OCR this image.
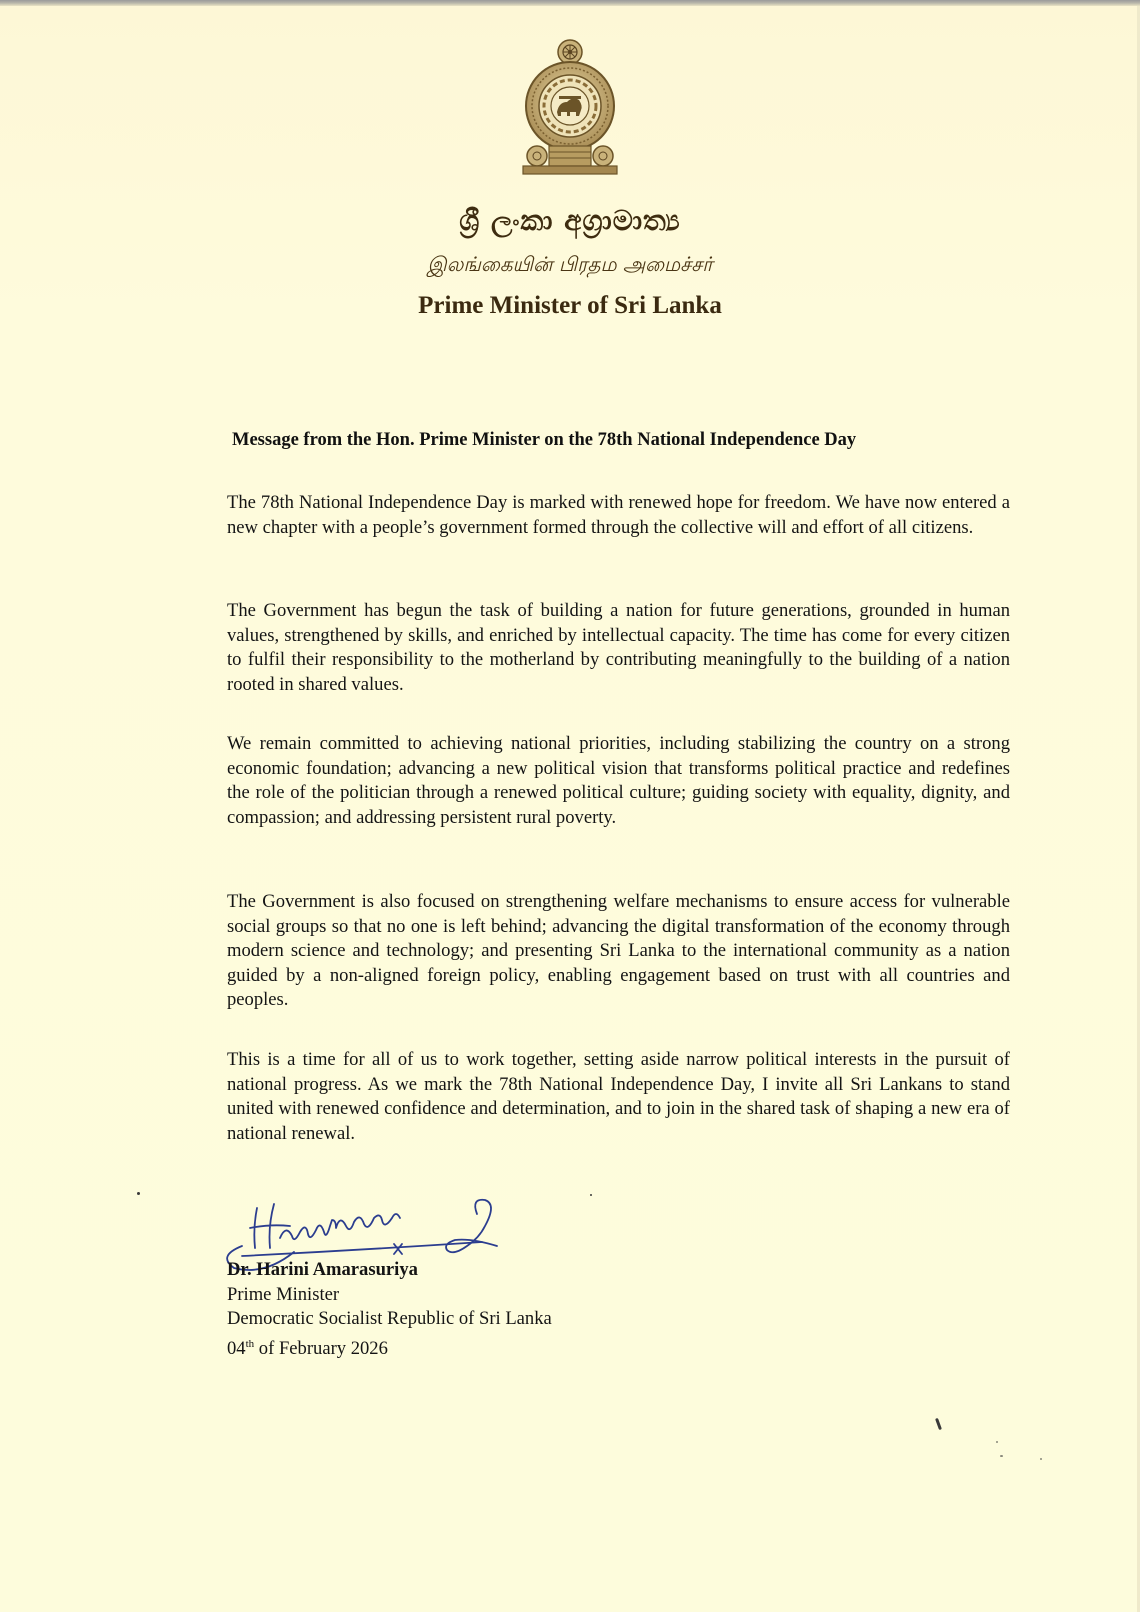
ශ්‍රී ලංකා අග්‍රාමාත්‍ය
இலங்கையின் பிரதம அமைச்சர்
Prime Minister of Sri Lanka
Message from the Hon. Prime Minister on the 78th National Independence Day

The 78th National Independence Day is marked with renewed hope for freedom. We have now entered a new chapter with a people’s government formed through the collective will and effort of all citizens.

The Government has begun the task of building a nation for future generations, grounded in human values, strengthened by skills, and enriched by intellectual capacity. The time has come for every citizen to fulfil their responsibility to the motherland by contributing meaningfully to the building of a nation rooted in shared values.

We remain committed to achieving national priorities, including stabilizing the country on a strong economic foundation; advancing a new political vision that transforms political practice and redefines the role of the politician through a renewed political culture; guiding society with equality, dignity, and compassion; and addressing persistent rural poverty.

The Government is also focused on strengthening welfare mechanisms to ensure access for vulnerable social groups so that no one is left behind; advancing the digital transformation of the economy through modern science and technology; and presenting Sri Lanka to the international community as a nation guided by a non-aligned foreign policy, enabling engagement based on trust with all countries and peoples.

This is a time for all of us to work together, setting aside narrow political interests in the pursuit of national progress. As we mark the 78th National Independence Day, I invite all Sri Lankans to stand united with renewed confidence and determination, and to join in the shared task of shaping a new era of national renewal.

Dr. Harini Amarasuriya
Prime Minister
Democratic Socialist Republic of Sri Lanka
04th of February 2026
